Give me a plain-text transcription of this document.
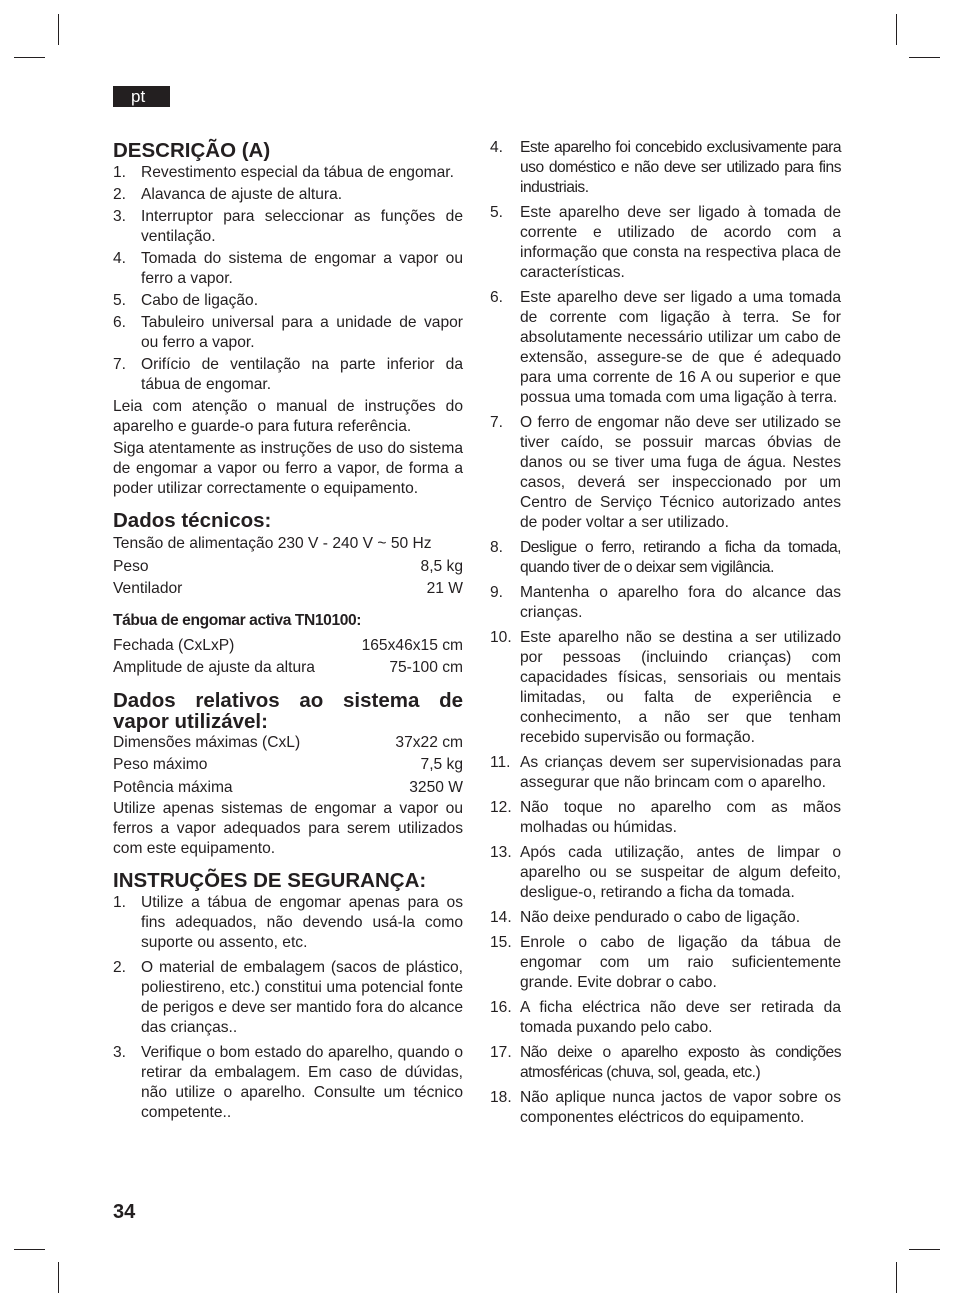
pt
DESCRIÇÃO (A)
1. Revestimento especial da tábua de engomar.
2. Alavanca de ajuste de altura.
3. Interruptor para seleccionar as funções de ventilação.
4. Tomada do sistema de engomar a vapor ou ferro a vapor.
5. Cabo de ligação.
6. Tabuleiro universal para a unidade de vapor ou ferro a vapor.
7. Orifício de ventilação na parte inferior da tábua de engomar.

Leia com atenção o manual de instruções do aparelho e guarde-o para futura referência.

Siga atentamente as instruções de uso do sistema de engomar a vapor ou ferro a vapor, de forma a poder utilizar correctamente o equipamento.

Dados técnicos:
Tensão de alimentação 230 V - 240 V ~ 50 Hz
Peso	8,5 kg
Ventilador	21 W
Tábua de engomar activa TN10100:
Fechada (CxLxP)	165x46x15 cm
Amplitude de ajuste da altura	75-100 cm
Dados relativos ao sistema de vapor utilizável:
Dimensões máximas (CxL)	37x22 cm
Peso máximo	7,5 kg
Potência máxima	3250 W

Utilize apenas sistemas de engomar a vapor ou ferros a vapor adequados para serem utilizados com este equipamento.

INSTRUÇÕES DE SEGURANÇA:
1. Utilize a tábua de engomar apenas para os fins adequados, não devendo usá-la como suporte ou assento, etc.
2. O material de embalagem (sacos de plástico, poliestireno, etc.) constitui uma potencial fonte de perigos e deve ser mantido fora do alcance das crianças..
3. Verifique o bom estado do aparelho, quando o retirar da embalagem. Em caso de dúvidas, não utilize o aparelho. Consulte um técnico competente..
4.	Este aparelho foi concebido exclusivamente para uso doméstico e não deve ser utilizado para fins industriais.
5.	Este aparelho deve ser ligado à tomada de corrente e utilizado de acordo com a informação que consta na respectiva placa de características.
6.	Este aparelho deve ser ligado a uma tomada de corrente com ligação à terra. Se for absolutamente necessário utilizar um cabo de extensão, assegure-se de que é adequado para uma corrente de 16 A ou superior e que possua uma tomada com uma ligação à terra.
7.	O ferro de engomar não deve ser utilizado se tiver caído, se possuir marcas óbvias de danos ou se tiver uma fuga de água. Nestes casos, deverá ser inspeccionado por um Centro de Serviço Técnico autorizado antes de poder voltar a ser utilizado.
8.	Desligue o ferro, retirando a ficha da tomada, quando tiver de o deixar sem vigilância.
9.	Mantenha o aparelho fora do alcance das crianças.
10. Este aparelho não se destina a ser utilizado por pessoas (incluindo crianças) com capacidades físicas, sensoriais ou mentais limitadas, ou falta de experiência e conhecimento, a não ser que tenham recebido supervisão ou formação.
11. As crianças devem ser supervisionadas para assegurar que não brincam com o aparelho.
12. Não toque no aparelho com as mãos molhadas ou húmidas.
13. Após cada utilização, antes de limpar o aparelho ou se suspeitar de algum defeito, desligue-o, retirando a ficha da tomada.
14. Não deixe pendurado o cabo de ligação.
15. Enrole o cabo de ligação da tábua de engomar com um raio suficientemente grande. Evite dobrar o cabo.
16. A ficha eléctrica não deve ser retirada da tomada puxando pelo cabo.
17. Não deixe o aparelho exposto às condições atmosféricas (chuva, sol, geada, etc.)
18. Não aplique nunca jactos de vapor sobre os componentes eléctricos do equipamento.
34
